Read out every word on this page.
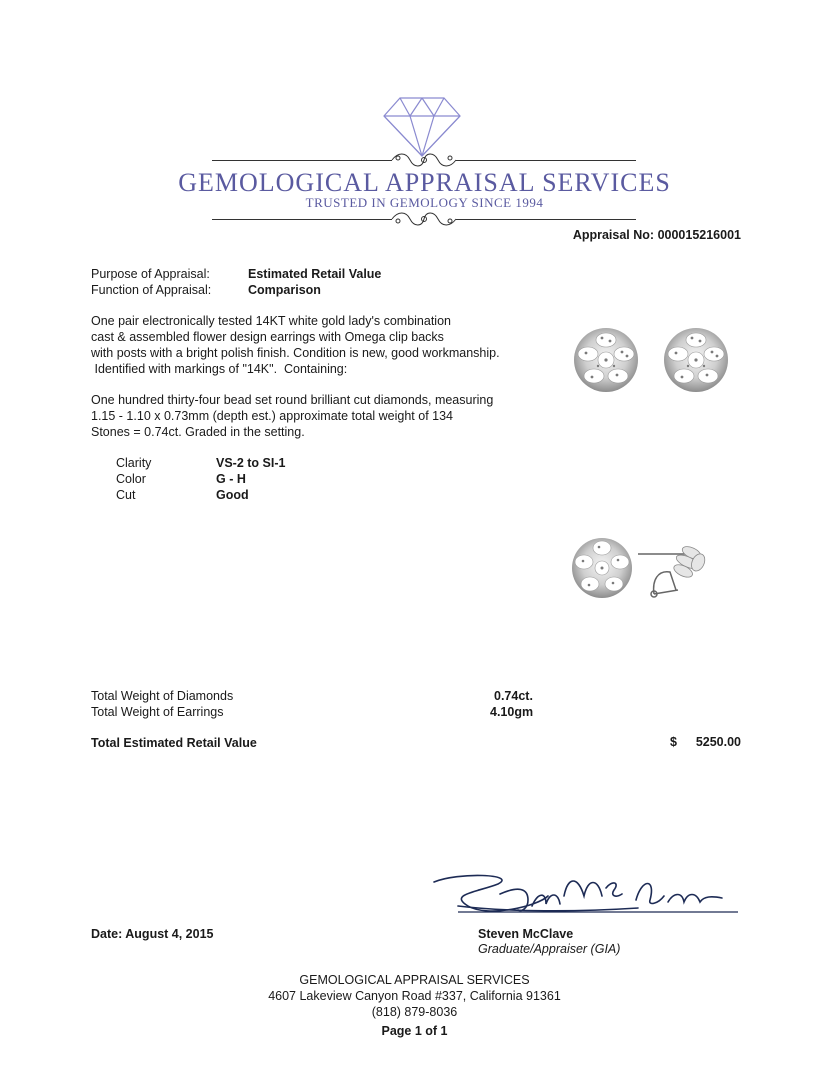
GEMOLOGICAL APPRAISAL SERVICES
TRUSTED IN GEMOLOGY SINCE 1994
Appraisal No: 000015216001
Purpose of Appraisal:	Estimated Retail Value
Function of Appraisal:	Comparison
One pair electronically tested 14KT white gold lady's combination
cast & assembled flower design earrings with Omega clip backs
with posts with a bright polish finish. Condition is new, good workmanship.
Identified with markings of "14K".  Containing:
One hundred thirty-four bead set round brilliant cut diamonds, measuring
1.15 - 1.10 x 0.73mm (depth est.) approximate total weight of 134
Stones = 0.74ct. Graded in the setting.
Clarity	VS-2 to SI-1
Color	G - H
Cut	Good
Total Weight of Diamonds	0.74ct.
Total Weight of Earrings	4.10gm
Total Estimated Retail Value	$ 5250.00
Date: August 4, 2015	Steven McClave
Graduate/Appraiser (GIA)
GEMOLOGICAL APPRAISAL SERVICES
4607 Lakeview Canyon Road #337, California 91361
(818) 879-8036
Page 1 of 1
